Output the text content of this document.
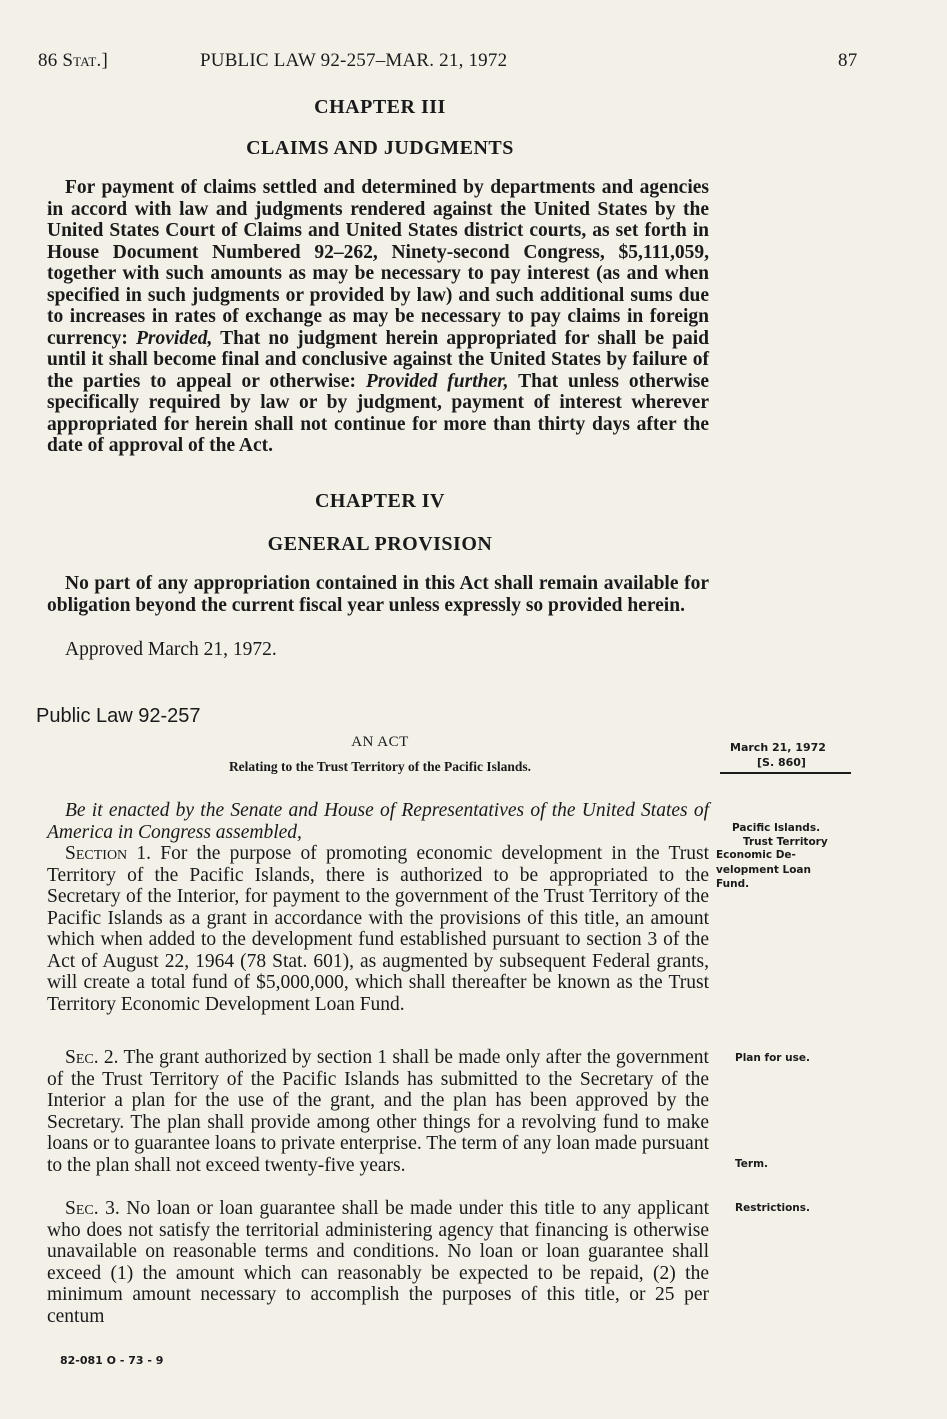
86 Stat.]	PUBLIC LAW 92-257–MAR. 21, 1972	87
CHAPTER III
CLAIMS AND JUDGMENTS

For payment of claims settled and determined by departments and agencies in accord with law and judgments rendered against the United States by the United States Court of Claims and United States district courts, as set forth in House Document Numbered 92–262, Ninety-second Congress, $5,111,059, together with such amounts as may be necessary to pay interest (as and when specified in such judgments or provided by law) and such additional sums due to increases in rates of exchange as may be necessary to pay claims in foreign currency: Provided, That no judgment herein appropriated for shall be paid until it shall become final and conclusive against the United States by failure of the parties to appeal or otherwise: Provided further, That unless otherwise specifically required by law or by judgment, payment of interest wherever appropriated for herein shall not continue for more than thirty days after the date of approval of the Act.

CHAPTER IV
GENERAL PROVISION

No part of any appropriation contained in this Act shall remain available for obligation beyond the current fiscal year unless expressly so provided herein.

Approved March 21, 1972.

Public Law 92-257
AN ACT
Relating to the Trust Territory of the Pacific Islands.
March 21, 1972
[S. 860]

Be it enacted by the Senate and House of Representatives of the United States of America in Congress assembled,

Section 1. For the purpose of promoting economic development in the Trust Territory of the Pacific Islands, there is authorized to be appropriated to the Secretary of the Interior, for payment to the government of the Trust Territory of the Pacific Islands as a grant in accordance with the provisions of this title, an amount which when added to the development fund established pursuant to section 3 of the Act of August 22, 1964 (78 Stat. 601), as augmented by subsequent Federal grants, will create a total fund of $5,000,000, which shall thereafter be known as the Trust Territory Economic Development Loan Fund.

Sec. 2. The grant authorized by section 1 shall be made only after the government of the Trust Territory of the Pacific Islands has submitted to the Secretary of the Interior a plan for the use of the grant, and the plan has been approved by the Secretary. The plan shall provide among other things for a revolving fund to make loans or to guarantee loans to private enterprise. The term of any loan made pursuant to the plan shall not exceed twenty-five years.

Sec. 3. No loan or loan guarantee shall be made under this title to any applicant who does not satisfy the territorial administering agency that financing is otherwise unavailable on reasonable terms and conditions. No loan or loan guarantee shall exceed (1) the amount which can reasonably be expected to be repaid, (2) the minimum amount necessary to accomplish the purposes of this title, or 25 per centum

Pacific Islands.
Trust Territory
Economic De-
velopment Loan
Fund.
Plan for use.
Term.
Restrictions.
82-081 O - 73 - 9
